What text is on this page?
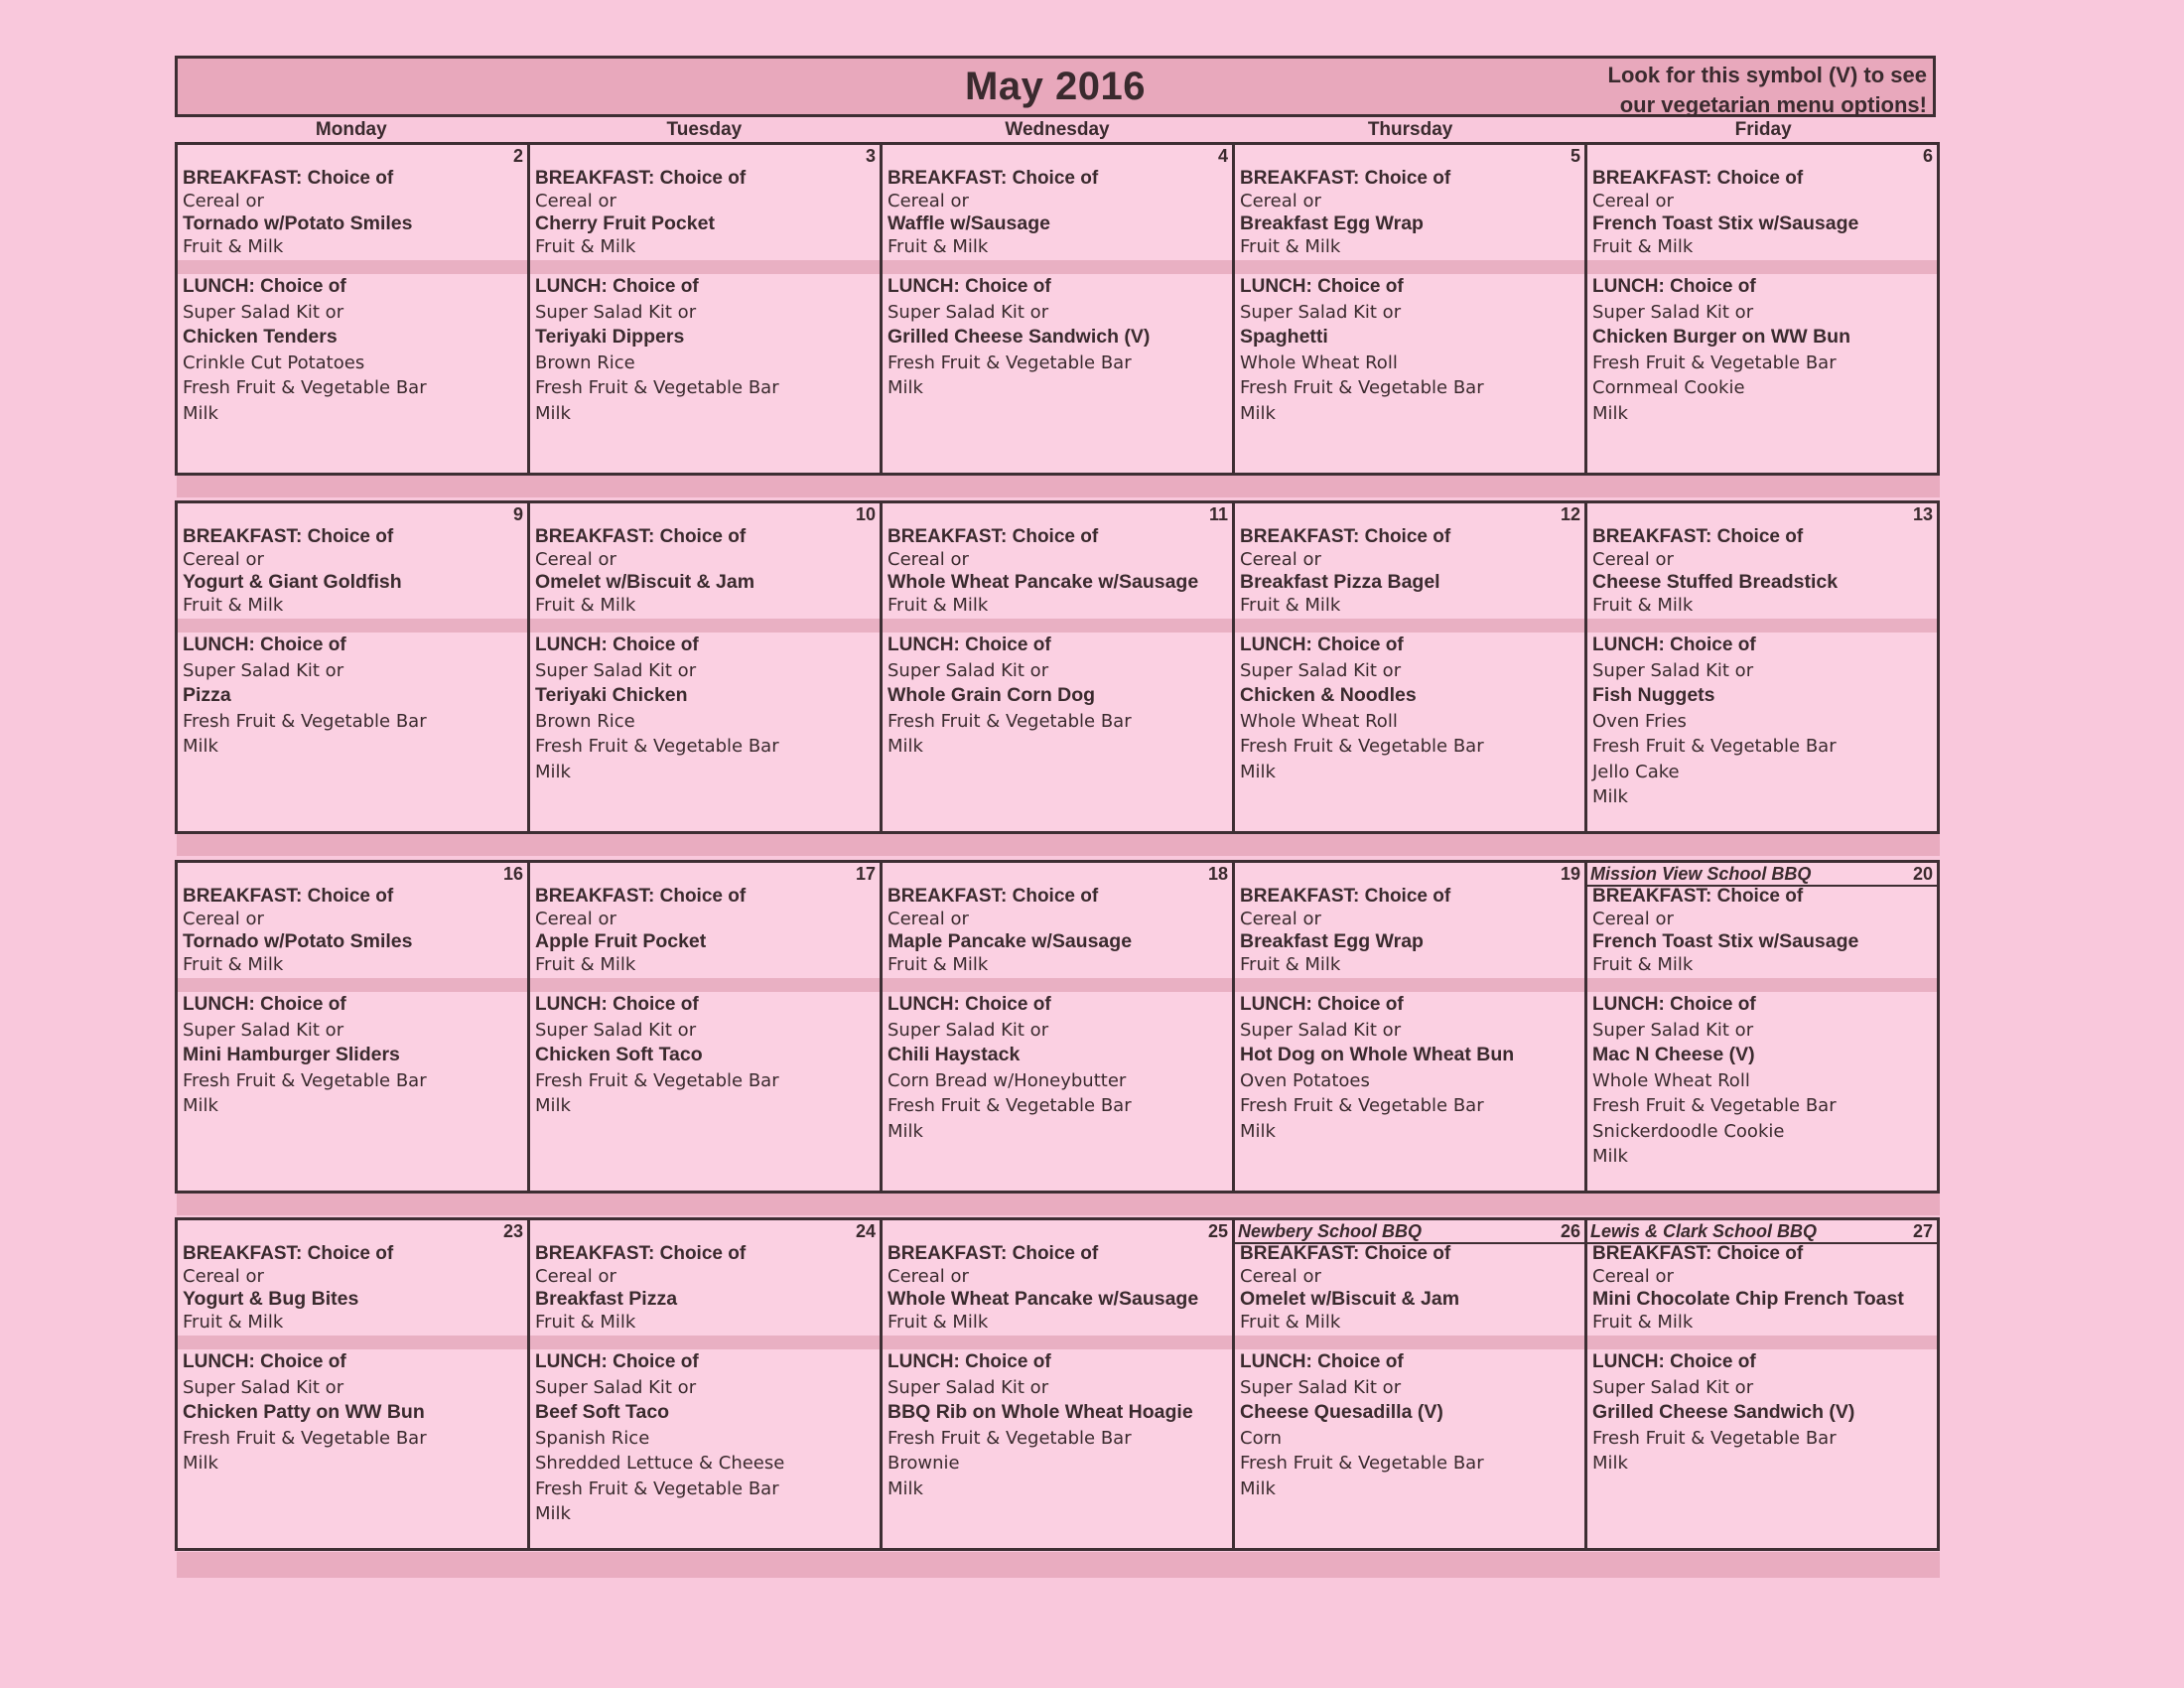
May 2016	Look for this symbol (V) to see
our vegetarian menu options!
Monday	Tuesday	Wednesday	Thursday	Friday
2
BREAKFAST: Choice of
Cereal or
Tornado w/Potato Smiles
Fruit & Milk
LUNCH: Choice of
Super Salad Kit or
Chicken Tenders
Crinkle Cut Potatoes
Fresh Fruit & Vegetable Bar
Milk
3
BREAKFAST: Choice of
Cereal or
Cherry Fruit Pocket
Fruit & Milk
LUNCH: Choice of
Super Salad Kit or
Teriyaki Dippers
Brown Rice
Fresh Fruit & Vegetable Bar
Milk
4
BREAKFAST: Choice of
Cereal or
Waffle w/Sausage
Fruit & Milk
LUNCH: Choice of
Super Salad Kit or
Grilled Cheese Sandwich (V)
Fresh Fruit & Vegetable Bar
Milk
5
BREAKFAST: Choice of
Cereal or
Breakfast Egg Wrap
Fruit & Milk
LUNCH: Choice of
Super Salad Kit or
Spaghetti
Whole Wheat Roll
Fresh Fruit & Vegetable Bar
Milk
6
BREAKFAST: Choice of
Cereal or
French Toast Stix w/Sausage
Fruit & Milk
LUNCH: Choice of
Super Salad Kit or
Chicken Burger on WW Bun
Fresh Fruit & Vegetable Bar
Cornmeal Cookie
Milk
9
BREAKFAST: Choice of
Cereal or
Yogurt & Giant Goldfish
Fruit & Milk
LUNCH: Choice of
Super Salad Kit or
Pizza
Fresh Fruit & Vegetable Bar
Milk
10
BREAKFAST: Choice of
Cereal or
Omelet w/Biscuit & Jam
Fruit & Milk
LUNCH: Choice of
Super Salad Kit or
Teriyaki Chicken
Brown Rice
Fresh Fruit & Vegetable Bar
Milk
11
BREAKFAST: Choice of
Cereal or
Whole Wheat Pancake w/Sausage
Fruit & Milk
LUNCH: Choice of
Super Salad Kit or
Whole Grain Corn Dog
Fresh Fruit & Vegetable Bar
Milk
12
BREAKFAST: Choice of
Cereal or
Breakfast Pizza Bagel
Fruit & Milk
LUNCH: Choice of
Super Salad Kit or
Chicken & Noodles
Whole Wheat Roll
Fresh Fruit & Vegetable Bar
Milk
13
BREAKFAST: Choice of
Cereal or
Cheese Stuffed Breadstick
Fruit & Milk
LUNCH: Choice of
Super Salad Kit or
Fish Nuggets
Oven Fries
Fresh Fruit & Vegetable Bar
Jello Cake
Milk
16
BREAKFAST: Choice of
Cereal or
Tornado w/Potato Smiles
Fruit & Milk
LUNCH: Choice of
Super Salad Kit or
Mini Hamburger Sliders
Fresh Fruit & Vegetable Bar
Milk
17
BREAKFAST: Choice of
Cereal or
Apple Fruit Pocket
Fruit & Milk
LUNCH: Choice of
Super Salad Kit or
Chicken Soft Taco
Fresh Fruit & Vegetable Bar
Milk
18
BREAKFAST: Choice of
Cereal or
Maple Pancake w/Sausage
Fruit & Milk
LUNCH: Choice of
Super Salad Kit or
Chili Haystack
Corn Bread w/Honeybutter
Fresh Fruit & Vegetable Bar
Milk
19
BREAKFAST: Choice of
Cereal or
Breakfast Egg Wrap
Fruit & Milk
LUNCH: Choice of
Super Salad Kit or
Hot Dog on Whole Wheat Bun
Oven Potatoes
Fresh Fruit & Vegetable Bar
Milk
20
Mission View School BBQ
BREAKFAST: Choice of
Cereal or
French Toast Stix w/Sausage
Fruit & Milk
LUNCH: Choice of
Super Salad Kit or
Mac N Cheese (V)
Whole Wheat Roll
Fresh Fruit & Vegetable Bar
Snickerdoodle Cookie
Milk
23
BREAKFAST: Choice of
Cereal or
Yogurt & Bug Bites
Fruit & Milk
LUNCH: Choice of
Super Salad Kit or
Chicken Patty on WW Bun
Fresh Fruit & Vegetable Bar
Milk
24
BREAKFAST: Choice of
Cereal or
Breakfast Pizza
Fruit & Milk
LUNCH: Choice of
Super Salad Kit or
Beef Soft Taco
Spanish Rice
Shredded Lettuce & Cheese
Fresh Fruit & Vegetable Bar
Milk
25
BREAKFAST: Choice of
Cereal or
Whole Wheat Pancake w/Sausage
Fruit & Milk
LUNCH: Choice of
Super Salad Kit or
BBQ Rib on Whole Wheat Hoagie
Fresh Fruit & Vegetable Bar
Brownie
Milk
26
Newbery School BBQ
BREAKFAST: Choice of
Cereal or
Omelet w/Biscuit & Jam
Fruit & Milk
LUNCH: Choice of
Super Salad Kit or
Cheese Quesadilla (V)
Corn
Fresh Fruit & Vegetable Bar
Milk
27
Lewis & Clark School BBQ
BREAKFAST: Choice of
Cereal or
Mini Chocolate Chip French Toast
Fruit & Milk
LUNCH: Choice of
Super Salad Kit or
Grilled Cheese Sandwich (V)
Fresh Fruit & Vegetable Bar
Milk
